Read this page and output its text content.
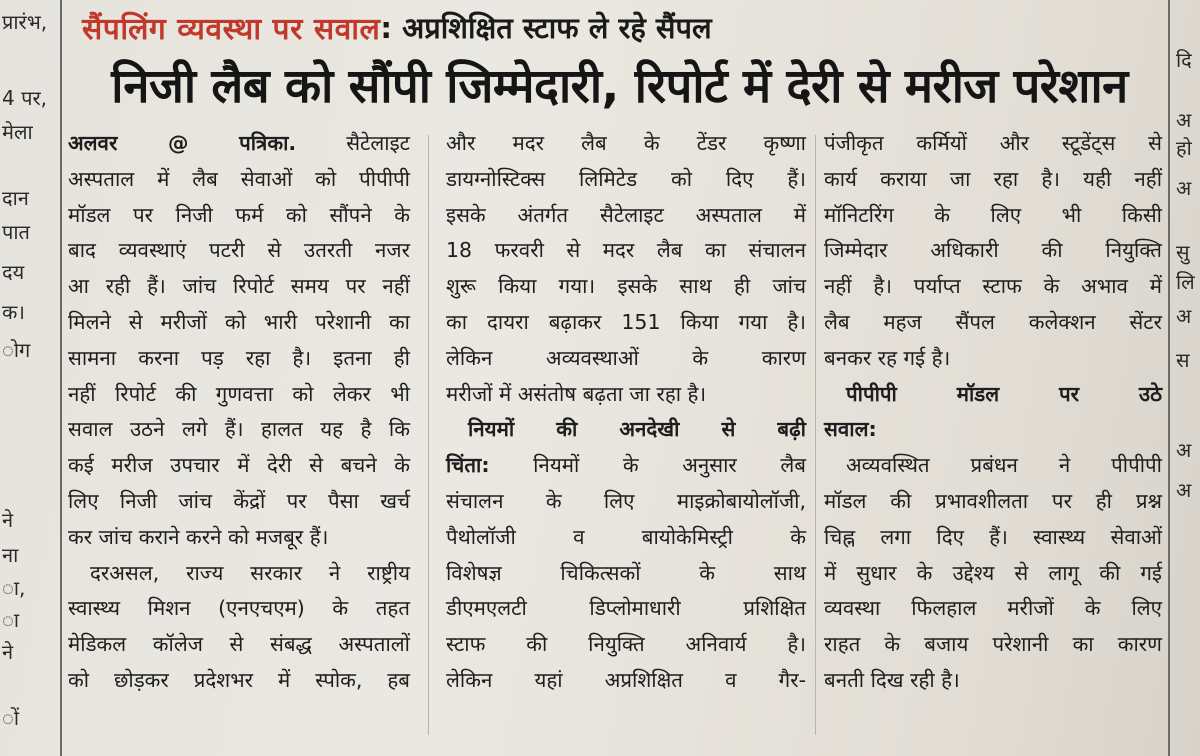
प्रारंभ,
4 पर,
मेला
दान
पात
दय
क।
ोग
ने
ना
ा,
ा
ने
ों
सैंपलिंग व्यवस्था पर सवाल : अप्रशिक्षित स्टाफ ले रहे सैंपल
निजी लैब को सौंपी जिम्मेदारी, रिपोर्ट में देरी से मरीज परेशान

अलवर @ पत्रिका. सैटेलाइट

अस्पताल में लैब सेवाओं को पीपीपी

मॉडल पर निजी फर्म को सौंपने के

बाद व्यवस्थाएं पटरी से उतरती नजर

आ रही हैं। जांच रिपोर्ट समय पर नहीं

मिलने से मरीजों को भारी परेशानी का

सामना करना पड़ रहा है। इतना ही

नहीं रिपोर्ट की गुणवत्ता को लेकर भी

सवाल उठने लगे हैं। हालत यह है कि

कई मरीज उपचार में देरी से बचने के

लिए निजी जांच केंद्रों पर पैसा खर्च

कर जांच कराने करने को मजबूर हैं।

दरअसल, राज्य सरकार ने राष्ट्रीय

स्वास्थ्य मिशन (एनएचएम) के तहत

मेडिकल कॉलेज से संबद्ध अस्पतालों

को छोड़कर प्रदेशभर में स्पोक, हब

और मदर लैब के टेंडर कृष्णा

डायग्नोस्टिक्स लिमिटेड को दिए हैं।

इसके अंतर्गत सैटेलाइट अस्पताल में

18 फरवरी से मदर लैब का संचालन

शुरू किया गया। इसके साथ ही जांच

का दायरा बढ़ाकर 151 किया गया है।

लेकिन अव्यवस्थाओं के कारण

मरीजों में असंतोष बढ़ता जा रहा है।

नियमों की अनदेखी से बढ़ी

चिंता: नियमों के अनुसार लैब

संचालन के लिए माइक्रोबायोलॉजी,

पैथोलॉजी व बायोकेमिस्ट्री के

विशेषज्ञ चिकित्सकों के साथ

डीएमएलटी डिप्लोमाधारी प्रशिक्षित

स्टाफ की नियुक्ति अनिवार्य है।

लेकिन यहां अप्रशिक्षित व गैर-

पंजीकृत कर्मियों और स्टूडेंट्स से

कार्य कराया जा रहा है। यही नहीं

मॉनिटरिंग के लिए भी किसी

जिम्मेदार अधिकारी की नियुक्ति

नहीं है। पर्याप्त स्टाफ के अभाव में

लैब महज सैंपल कलेक्शन सेंटर

बनकर रह गई है।

पीपीपी मॉडल पर उठे

सवाल:

अव्यवस्थित प्रबंधन ने पीपीपी

मॉडल की प्रभावशीलता पर ही प्रश्न

चिह्न लगा दिए हैं। स्वास्थ्य सेवाओं

में सुधार के उद्देश्य से लागू की गई

व्यवस्था फिलहाल मरीजों के लिए

राहत के बजाय परेशानी का कारण

बनती दिख रही है।

दि
अ
हो
अ
सु
लि
अ
स
अ
अ
